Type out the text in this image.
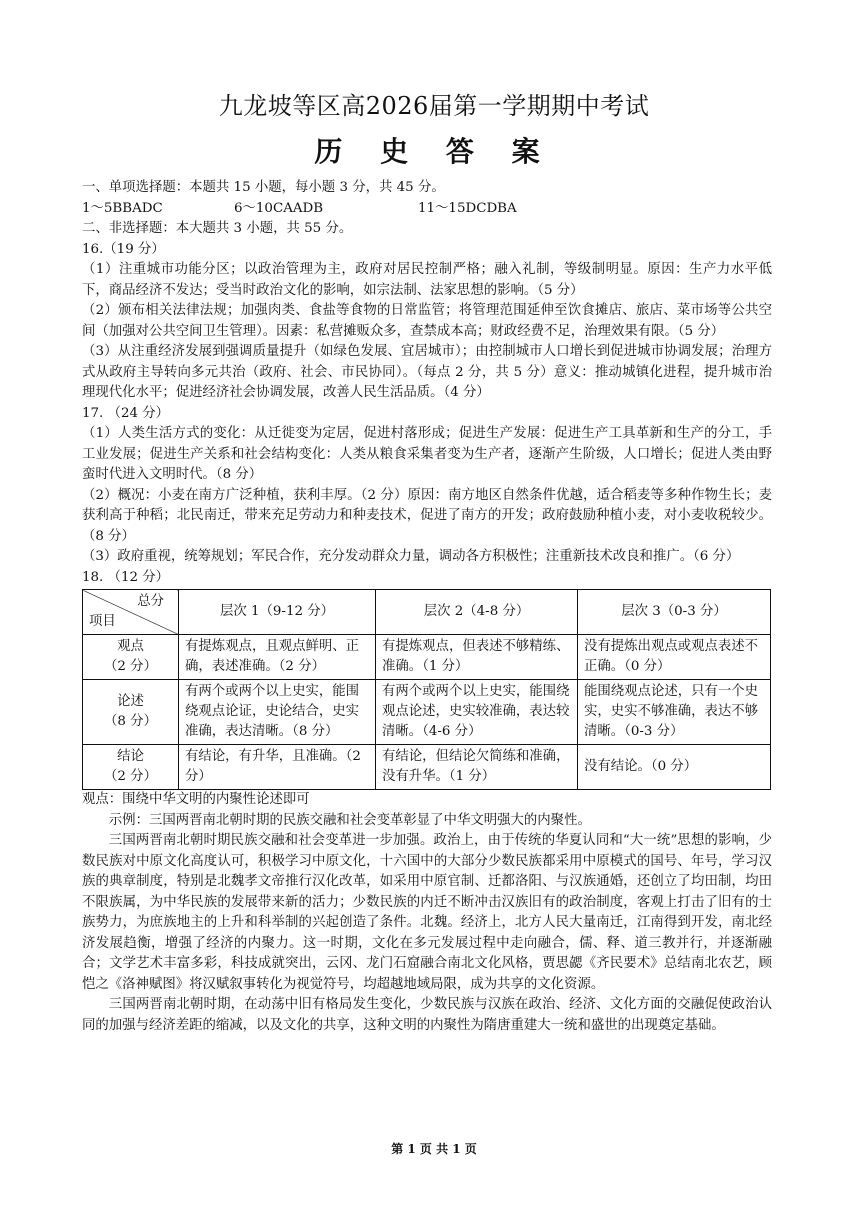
九龙坡等区高2026届第一学期期中考试
历 史 答 案

一、单项选择题：本题共 15 小题，每小题 3 分，共 45 分。

1～5BBADC	6～10CAADB	11～15DCDBA

二、非选择题：本大题共 3 小题，共 55 分。

16.（19 分）

（1）注重城市功能分区；以政治管理为主，政府对居民控制严格；融入礼制，等级制明显。原因：生产力水平低下，商品经济不发达；受当时政治文化的影响，如宗法制、法家思想的影响。（5 分）

（2）颁布相关法律法规；加强肉类、食盐等食物的日常监管；将管理范围延伸至饮食摊店、旅店、菜市场等公共空间（加强对公共空间卫生管理）。因素：私营摊贩众多，查禁成本高；财政经费不足，治理效果有限。（5 分）

（3）从注重经济发展到强调质量提升（如绿色发展、宜居城市）；由控制城市人口增长到促进城市协调发展；治理方式从政府主导转向多元共治（政府、社会、市民协同）。（每点 2 分，共 5 分）意义：推动城镇化进程，提升城市治理现代化水平；促进经济社会协调发展，改善人民生活品质。（4 分）

17. （24 分）

（1）人类生活方式的变化：从迁徙变为定居，促进村落形成；促进生产发展：促进生产工具革新和生产的分工，手工业发展；促进生产关系和社会结构变化：人类从粮食采集者变为生产者，逐渐产生阶级，人口增长；促进人类由野蛮时代进入文明时代。（8 分）

（2）概况：小麦在南方广泛种植，获利丰厚。（2 分）原因：南方地区自然条件优越，适合稻麦等多种作物生长；麦获利高于种稻；北民南迁，带来充足劳动力和种麦技术，促进了南方的开发；政府鼓励种植小麦，对小麦收税较少。（8 分）

（3）政府重视，统筹规划；军民合作，充分发动群众力量，调动各方积极性；注重新技术改良和推广。（6 分）

18. （12 分）

总分
项目	层次 1（9-12 分）	层次 2（4-8 分）	层次 3（0-3 分）

观点
（2 分）	有提炼观点，且观点鲜明、正确，表述准确。（2 分）	有提炼观点，但表述不够精练、准确。（1 分）	没有提炼出观点或观点表述不正确。（0 分）

论述
（8 分）	有两个或两个以上史实，能围绕观点论证，史论结合，史实准确，表达清晰。（8 分）	有两个或两个以上史实，能围绕观点论述，史实较准确，表达较清晰。（4-6 分）	能围绕观点论述，只有一个史实，史实不够准确，表达不够清晰。（0-3 分）

结论
（2 分）	有结论，有升华，且准确。（2 分）	有结论，但结论欠简练和准确，没有升华。（1 分）	没有结论。（0 分）

观点：围绕中华文明的内聚性论述即可

示例：三国两晋南北朝时期的民族交融和社会变革彰显了中华文明强大的内聚性。

三国两晋南北朝时期民族交融和社会变革进一步加强。政治上，由于传统的华夏认同和“大一统”思想的影响，少数民族对中原文化高度认可，积极学习中原文化，十六国中的大部分少数民族都采用中原模式的国号、年号，学习汉族的典章制度，特别是北魏孝文帝推行汉化改革，如采用中原官制、迁都洛阳、与汉族通婚，还创立了均田制，均田不限族属，为中华民族的发展带来新的活力；少数民族的内迁不断冲击汉族旧有的政治制度，客观上打击了旧有的士族势力，为庶族地主的上升和科举制的兴起创造了条件。北魏。经济上，北方人民大量南迁，江南得到开发，南北经济发展趋衡，增强了经济的内聚力。这一时期，文化在多元发展过程中走向融合，儒、释、道三教并行，并逐渐融合；文学艺术丰富多彩，科技成就突出，云冈、龙门石窟融合南北文化风格，贾思勰《齐民要术》总结南北农艺，顾恺之《洛神赋图》将汉赋叙事转化为视觉符号，均超越地域局限，成为共享的文化资源。

三国两晋南北朝时期，在动荡中旧有格局发生变化，少数民族与汉族在政治、经济、文化方面的交融促使政治认同的加强与经济差距的缩减，以及文化的共享，这种文明的内聚性为隋唐重建大一统和盛世的出现奠定基础。

第 1 页 共 1 页
